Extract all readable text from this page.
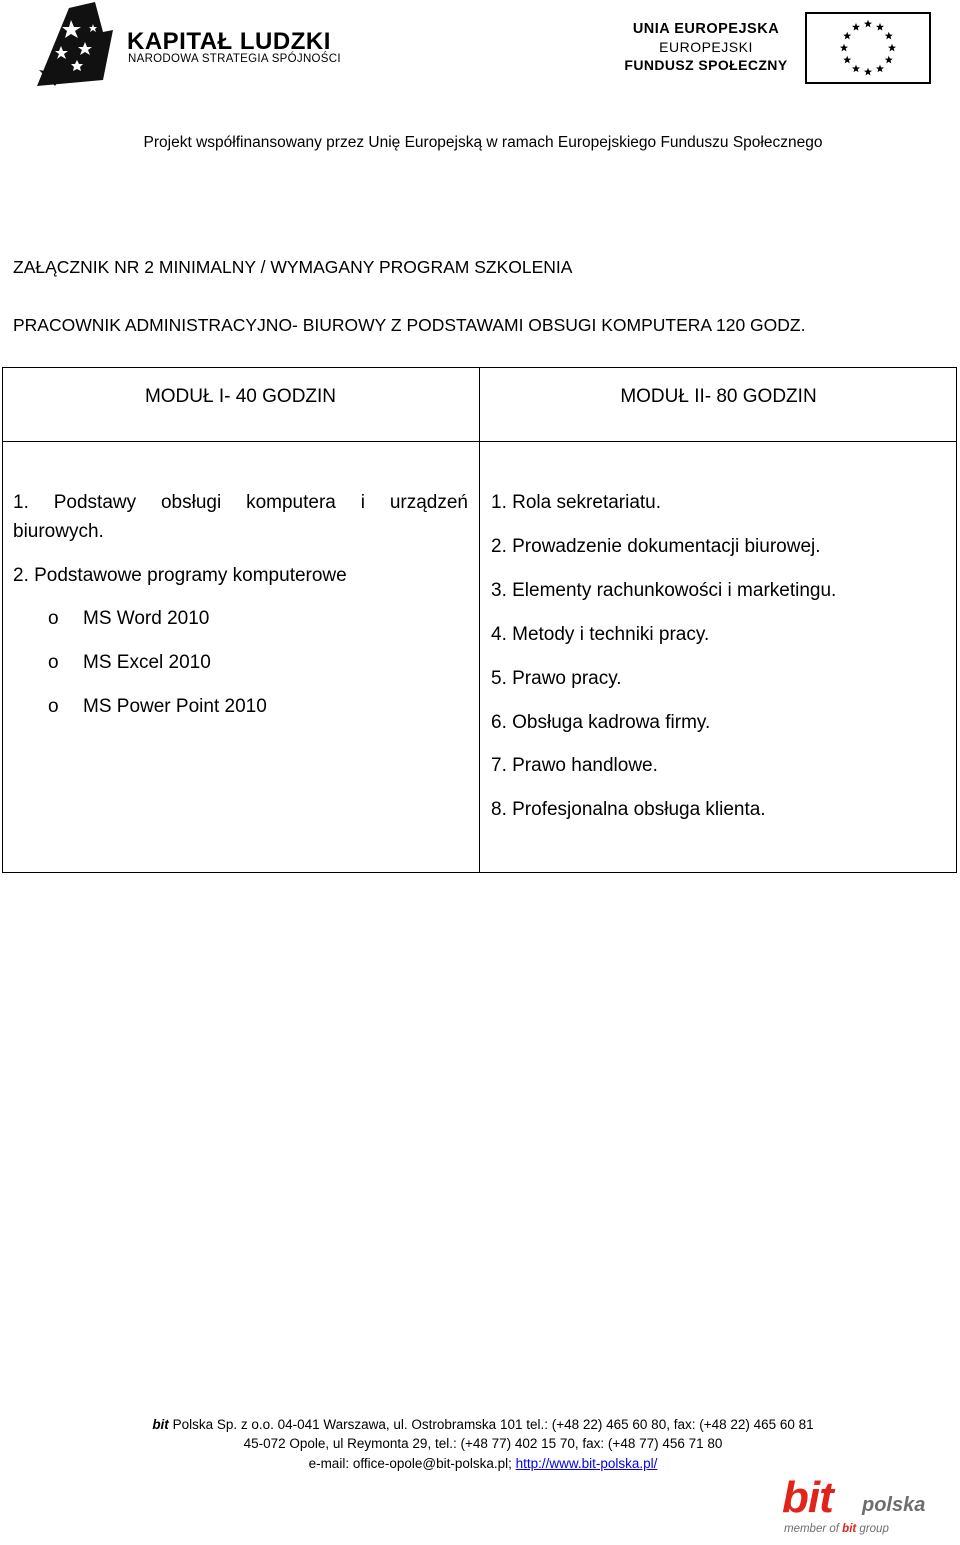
KAPITAŁ LUDZKI
NARODOWA STRATEGIA SPÓJNOŚCI
UNIA EUROPEJSKA
EUROPEJSKI
FUNDUSZ SPOŁECZNY
Projekt współfinansowany przez Unię Europejską w ramach Europejskiego Funduszu Społecznego
ZAŁĄCZNIK NR 2 MINIMALNY / WYMAGANY PROGRAM SZKOLENIA
PRACOWNIK ADMINISTRACYJNO- BIUROWY Z PODSTAWAMI OBSUGI KOMPUTERA 120 GODZ.
MODUŁ I- 40 GODZIN	MODUŁ II- 80 GODZIN
1. Podstawy obsługi komputera i urządzeń
biurowych.
2. Podstawowe programy komputerowe
o MS Word 2010
o MS Excel 2010
o MS Power Point 2010
1. Rola sekretariatu.
2. Prowadzenie dokumentacji biurowej.
3. Elementy rachunkowości i marketingu.
4. Metody i techniki pracy.
5. Prawo pracy.
6. Obsługa kadrowa firmy.
7. Prawo handlowe.
8. Profesjonalna obsługa klienta.
bit Polska Sp. z o.o. 04-041 Warszawa, ul. Ostrobramska 101 tel.: (+48 22) 465 60 80, fax: (+48 22) 465 60 81
45-072 Opole, ul Reymonta 29, tel.: (+48 77) 402 15 70, fax: (+48 77) 456 71 80
e-mail: office-opole@bit-polska.pl; http://www.bit-polska.pl/
bit polska
member of bit group
